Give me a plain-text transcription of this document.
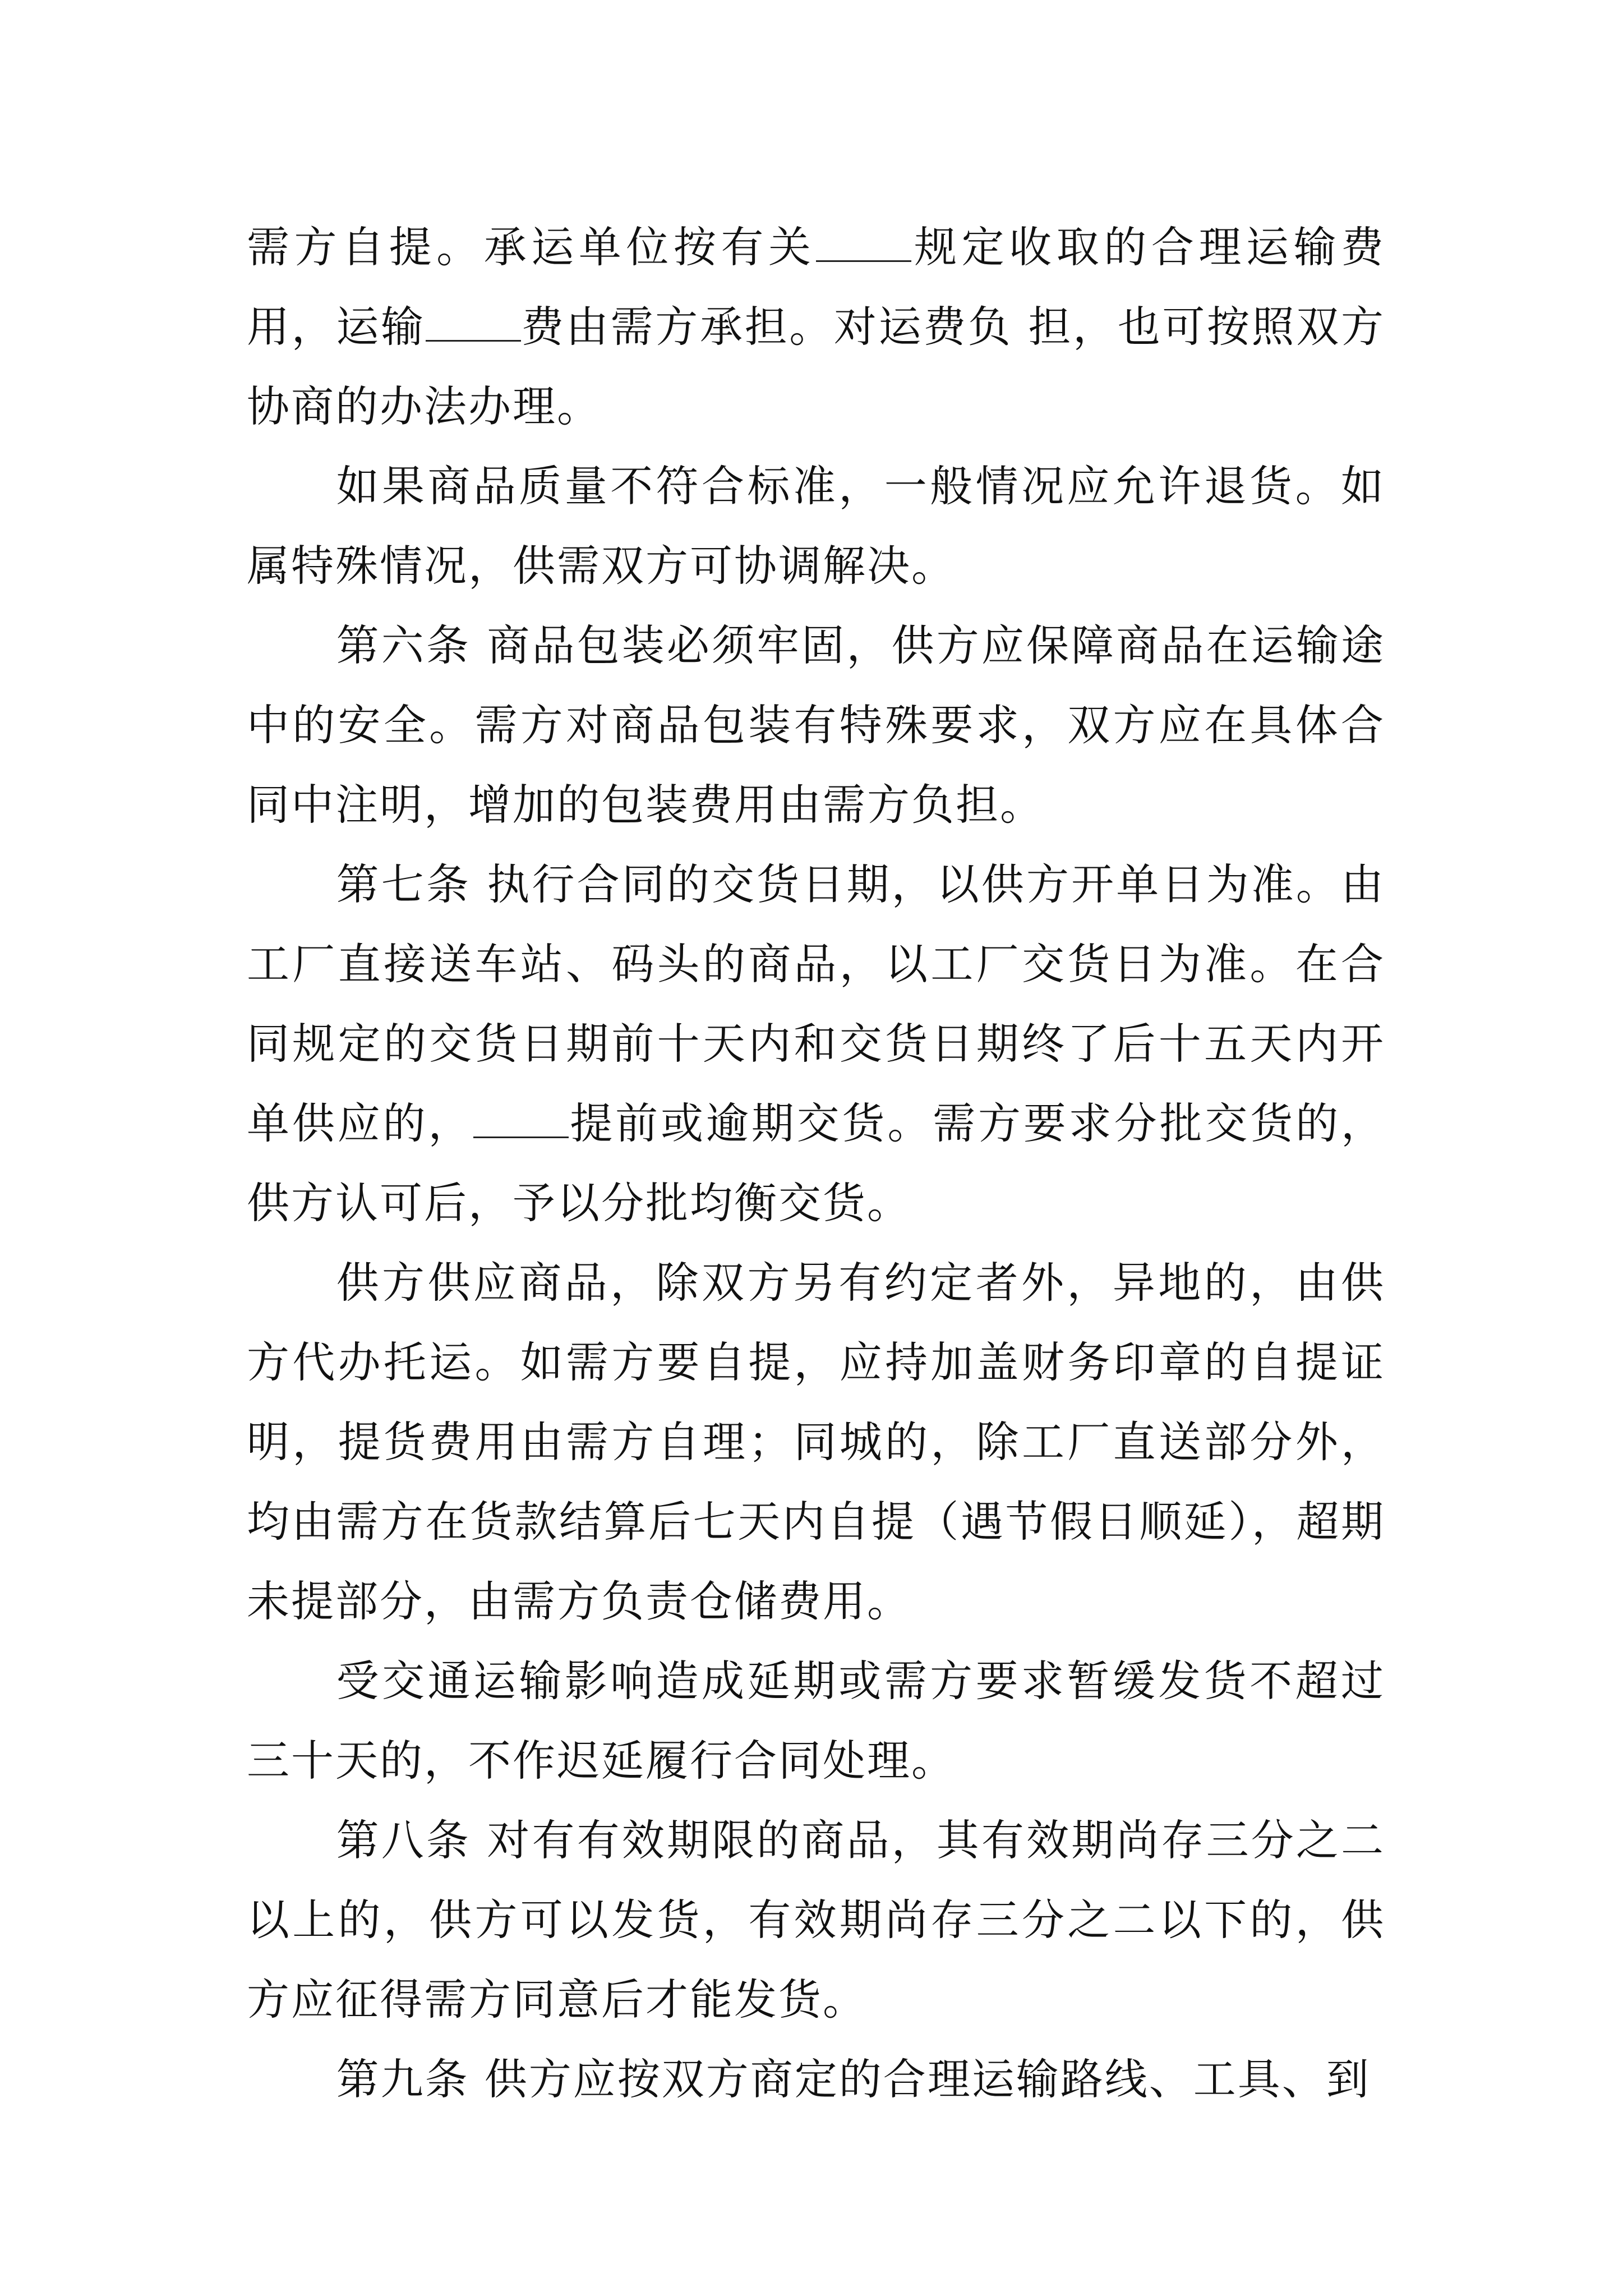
需方自提。承运单位按有关 规定收取的合理运输费用，运输 费由需方承担。对运费负 担，也可按照双方协商的办法办理。

如果商品质量不符合标准，一般情况应允许退货。如属特殊情况，供需双方可协调解决。

第六条 商品包装必须牢固，供方应保障商品在运输途中的安全。需方对商品包装有特殊要求，双方应在具体合同中注明，增加的包装费用由需方负担。

第七条 执行合同的交货日期，以供方开单日为准。由工厂直接送车站、码头的商品，以工厂交货日为准。在合同规定的交货日期前十天内和交货日期终了后十五天内开单供应的， 提前或逾期交货。需方要求分批交货的，供方认可后，予以分批均衡交货。

供方供应商品，除双方另有约定者外，异地的，由供方代办托运。如需方要自提，应持加盖财务印章的自提证明，提货费用由需方自理；同城的，除工厂直送部分外，均由需方在货款结算后七天内自提（遇节假日顺延），超期未提部分，由需方负责仓储费用。

受交通运输影响造成延期或需方要求暂缓发货不超过三十天的，不作迟延履行合同处理。

第八条 对有有效期限的商品，其有效期尚存三分之二以上的，供方可以发货，有效期尚存三分之二以下的，供方应征得需方同意后才能发货。

第九条 供方应按双方商定的合理运输路线、工具、到
